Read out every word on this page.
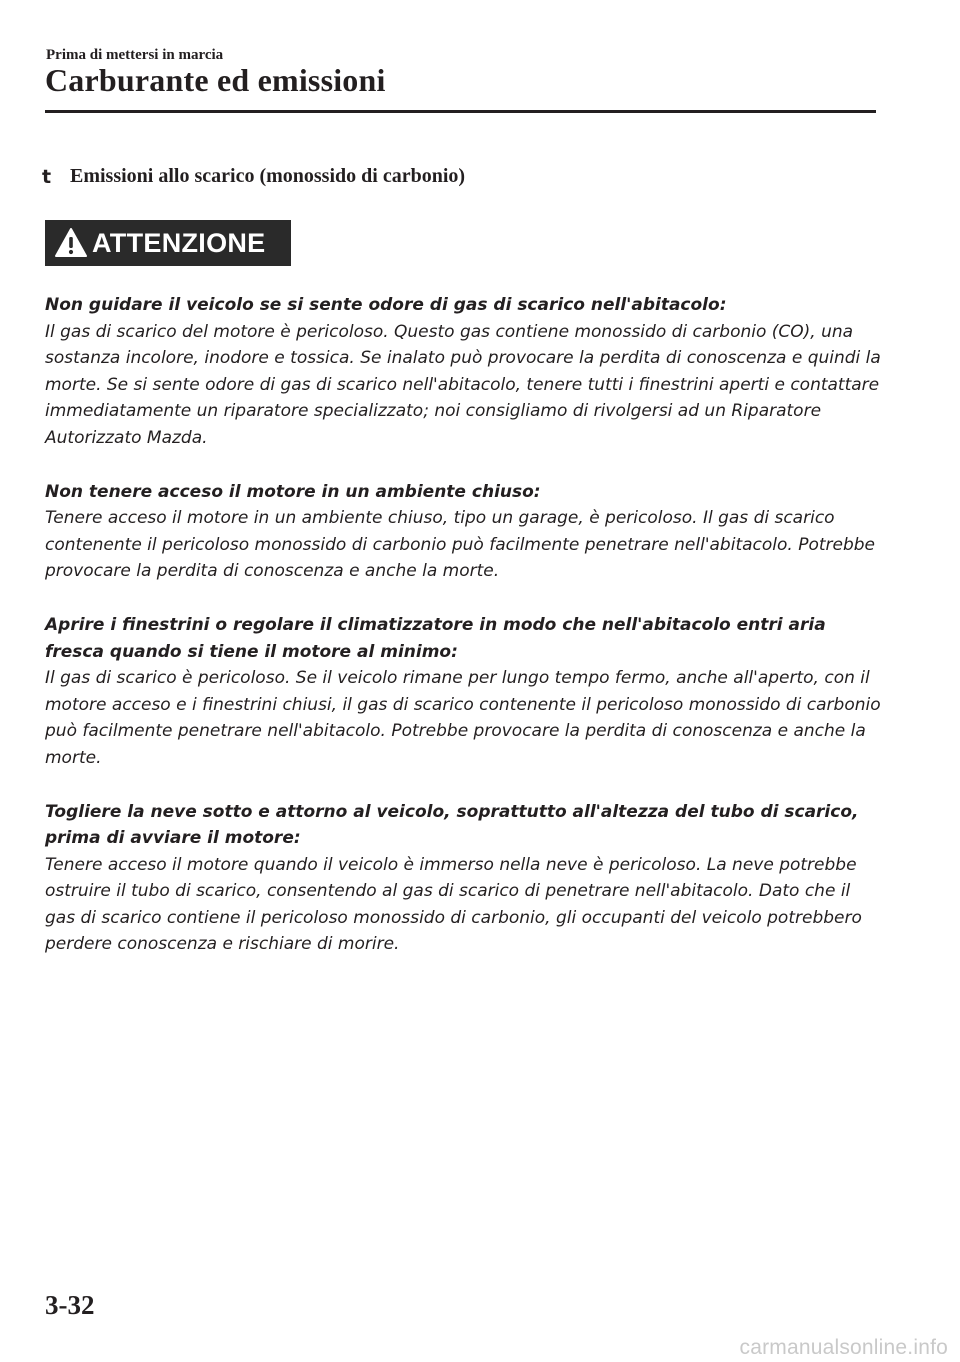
Prima di mettersi in marcia
Carburante ed emissioni
t Emissioni allo scarico (monossido di carbonio)
ATTENZIONE
Non guidare il veicolo se si sente odore di gas di scarico nell'abitacolo:
Il gas di scarico del motore è pericoloso. Questo gas contiene monossido di carbonio (CO), una sostanza incolore, inodore e tossica. Se inalato può provocare la perdita di conoscenza e quindi la morte. Se si sente odore di gas di scarico nell'abitacolo, tenere tutti i finestrini aperti e contattare immediatamente un riparatore specializzato; noi consigliamo di rivolgersi ad un Riparatore Autorizzato Mazda.
Non tenere acceso il motore in un ambiente chiuso:
Tenere acceso il motore in un ambiente chiuso, tipo un garage, è pericoloso. Il gas di scarico contenente il pericoloso monossido di carbonio può facilmente penetrare nell'abitacolo. Potrebbe provocare la perdita di conoscenza e anche la morte.
Aprire i finestrini o regolare il climatizzatore in modo che nell'abitacolo entri aria fresca quando si tiene il motore al minimo:
Il gas di scarico è pericoloso. Se il veicolo rimane per lungo tempo fermo, anche all'aperto, con il motore acceso e i finestrini chiusi, il gas di scarico contenente il pericoloso monossido di carbonio può facilmente penetrare nell'abitacolo. Potrebbe provocare la perdita di conoscenza e anche la morte.
Togliere la neve sotto e attorno al veicolo, soprattutto all'altezza del tubo di scarico, prima di avviare il motore:
Tenere acceso il motore quando il veicolo è immerso nella neve è pericoloso. La neve potrebbe ostruire il tubo di scarico, consentendo al gas di scarico di penetrare nell'abitacolo. Dato che il gas di scarico contiene il pericoloso monossido di carbonio, gli occupanti del veicolo potrebbero perdere conoscenza e rischiare di morire.
3-32
carmanualsonline.info
